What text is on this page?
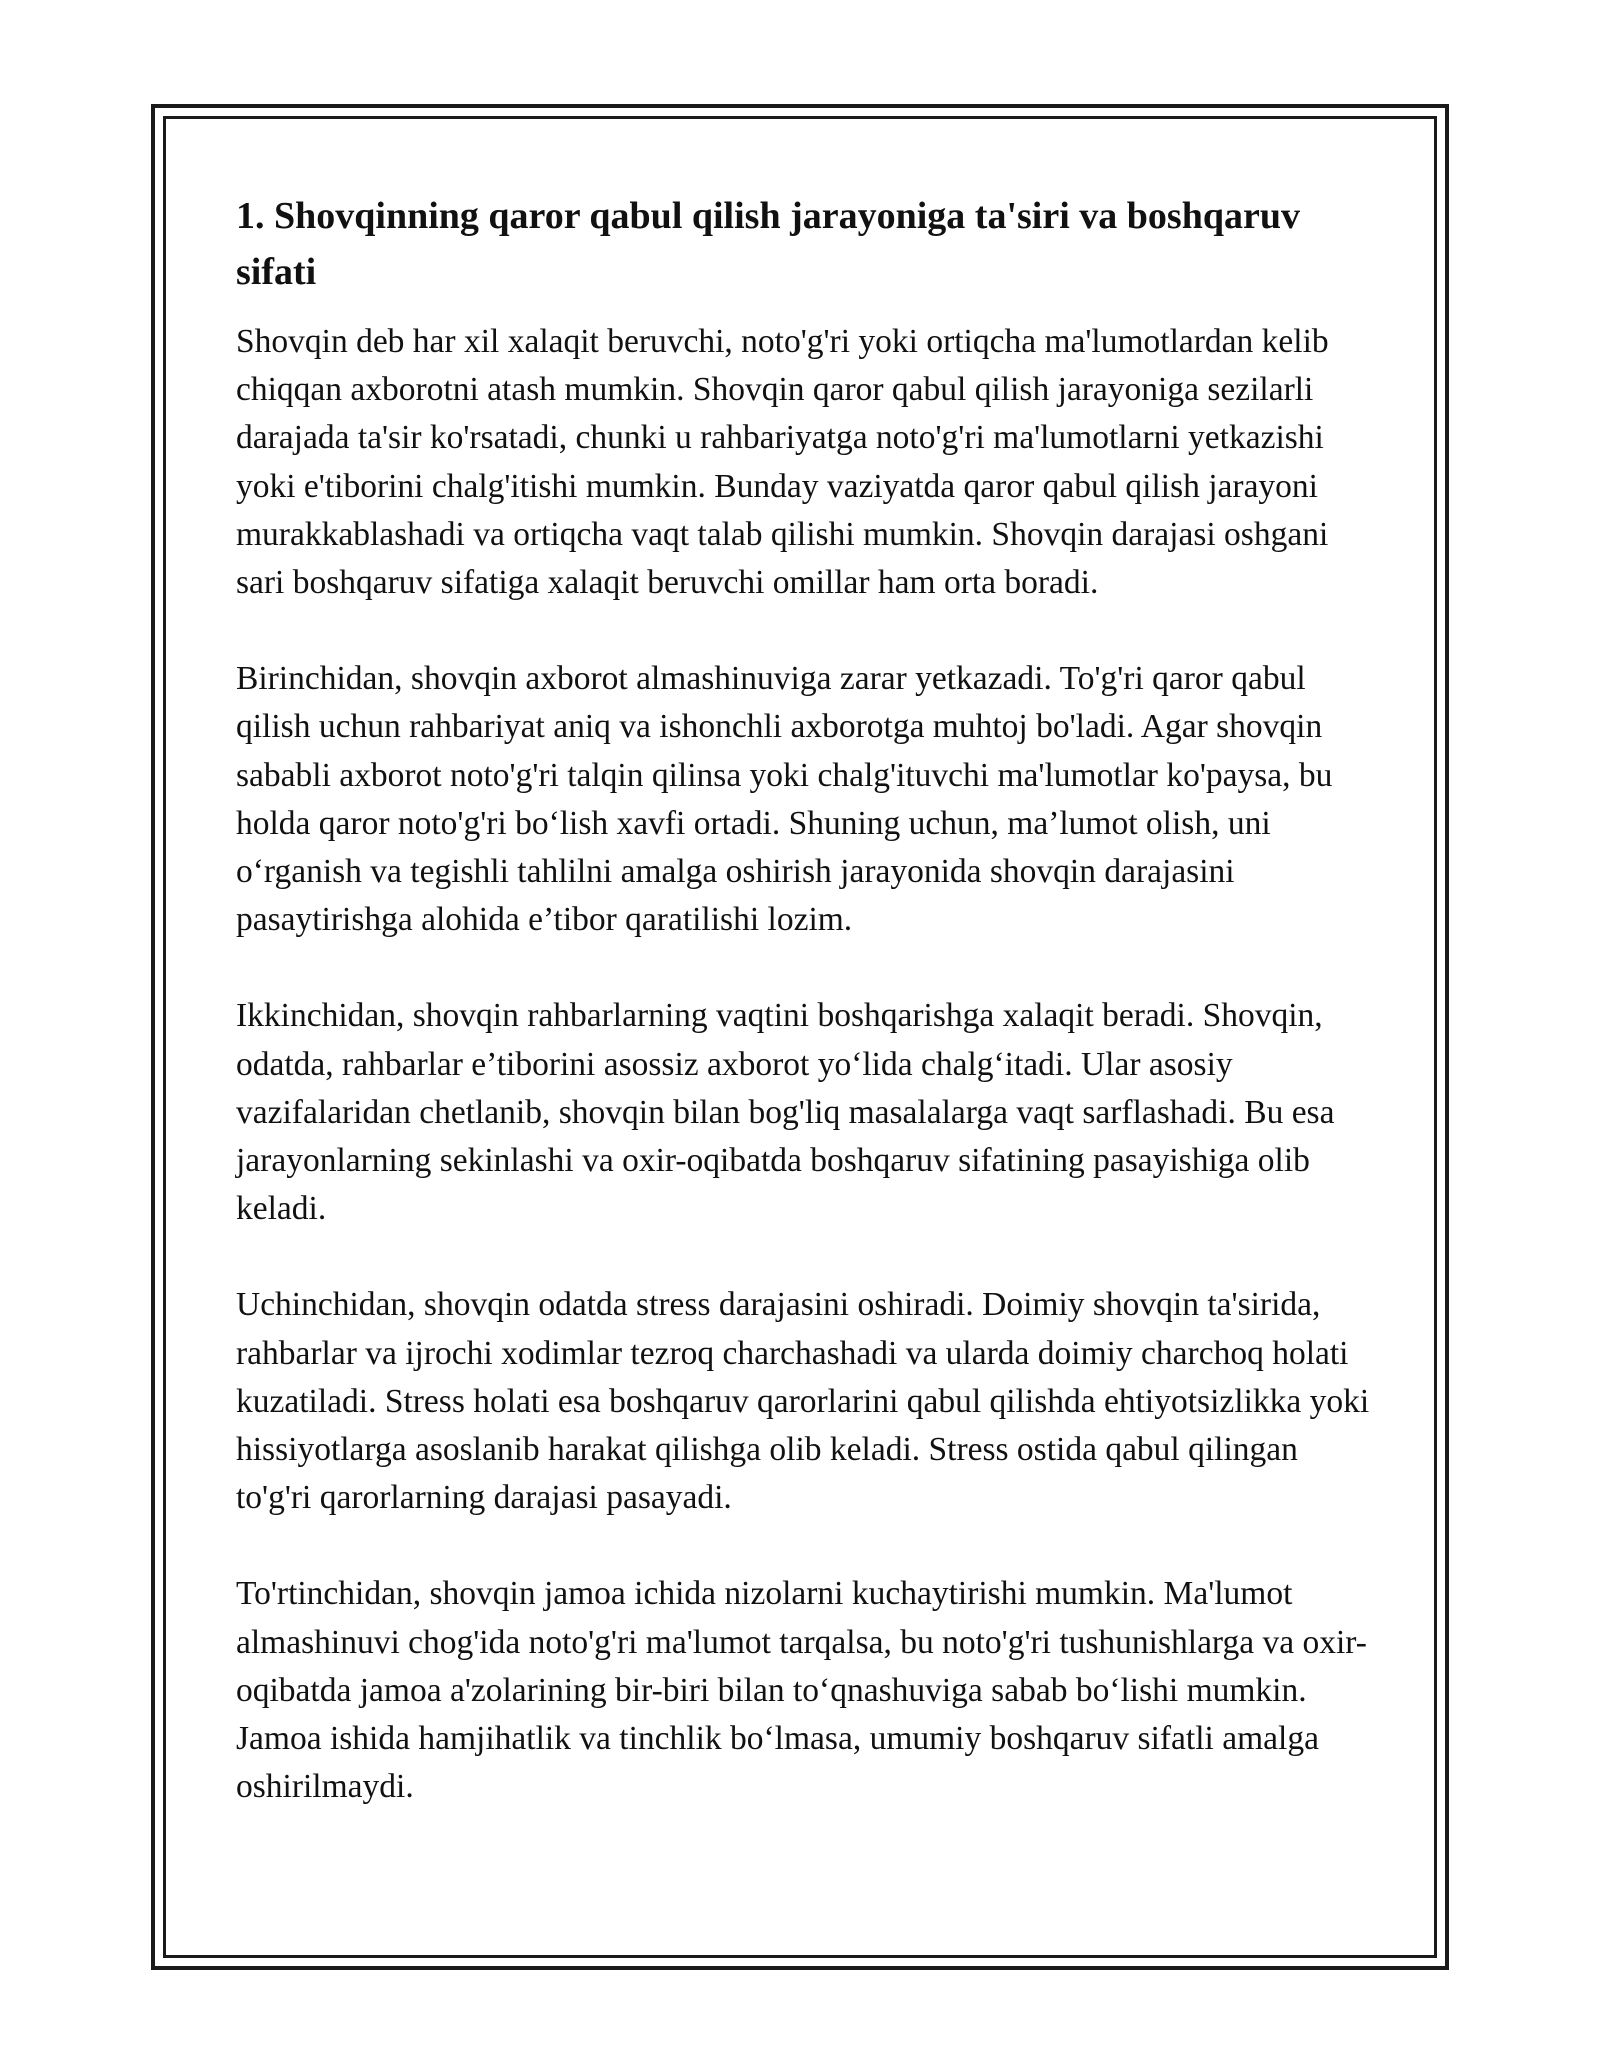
1. Shovqinning qaror qabul qilish jarayoniga ta'siri va boshqaruv sifati

Shovqin deb har xil xalaqit beruvchi, noto'g'ri yoki ortiqcha ma'lumotlardan kelib chiqqan axborotni atash mumkin. Shovqin qaror qabul qilish jarayoniga sezilarli darajada ta'sir ko'rsatadi, chunki u rahbariyatga noto'g'ri ma'lumotlarni yetkazishi yoki e'tiborini chalg'itishi mumkin. Bunday vaziyatda qaror qabul qilish jarayoni murakkablashadi va ortiqcha vaqt talab qilishi mumkin. Shovqin darajasi oshgani sari boshqaruv sifatiga xalaqit beruvchi omillar ham orta boradi.

Birinchidan, shovqin axborot almashinuviga zarar yetkazadi. To'g'ri qaror qabul qilish uchun rahbariyat aniq va ishonchli axborotga muhtoj bo'ladi. Agar shovqin sababli axborot noto'g'ri talqin qilinsa yoki chalg'ituvchi ma'lumotlar ko'paysa, bu holda qaror noto'g'ri bo‘lish xavfi ortadi. Shuning uchun, ma’lumot olish, uni o‘rganish va tegishli tahlilni amalga oshirish jarayonida shovqin darajasini pasaytirishga alohida e’tibor qaratilishi lozim.

Ikkinchidan, shovqin rahbarlarning vaqtini boshqarishga xalaqit beradi. Shovqin, odatda, rahbarlar e’tiborini asossiz axborot yo‘lida chalg‘itadi. Ular asosiy vazifalaridan chetlanib, shovqin bilan bog'liq masalalarga vaqt sarflashadi. Bu esa jarayonlarning sekinlashi va oxir-oqibatda boshqaruv sifatining pasayishiga olib keladi.

Uchinchidan, shovqin odatda stress darajasini oshiradi. Doimiy shovqin ta'sirida, rahbarlar va ijrochi xodimlar tezroq charchashadi va ularda doimiy charchoq holati kuzatiladi. Stress holati esa boshqaruv qarorlarini qabul qilishda ehtiyotsizlikka yoki hissiyotlarga asoslanib harakat qilishga olib keladi. Stress ostida qabul qilingan to'g'ri qarorlarning darajasi pasayadi.

To'rtinchidan, shovqin jamoa ichida nizolarni kuchaytirishi mumkin. Ma'lumot almashinuvi chog'ida noto'g'ri ma'lumot tarqalsa, bu noto'g'ri tushunishlarga va oxir-oqibatda jamoa a'zolarining bir-biri bilan to‘qnashuviga sabab bo‘lishi mumkin. Jamoa ishida hamjihatlik va tinchlik bo‘lmasa, umumiy boshqaruv sifatli amalga oshirilmaydi.
